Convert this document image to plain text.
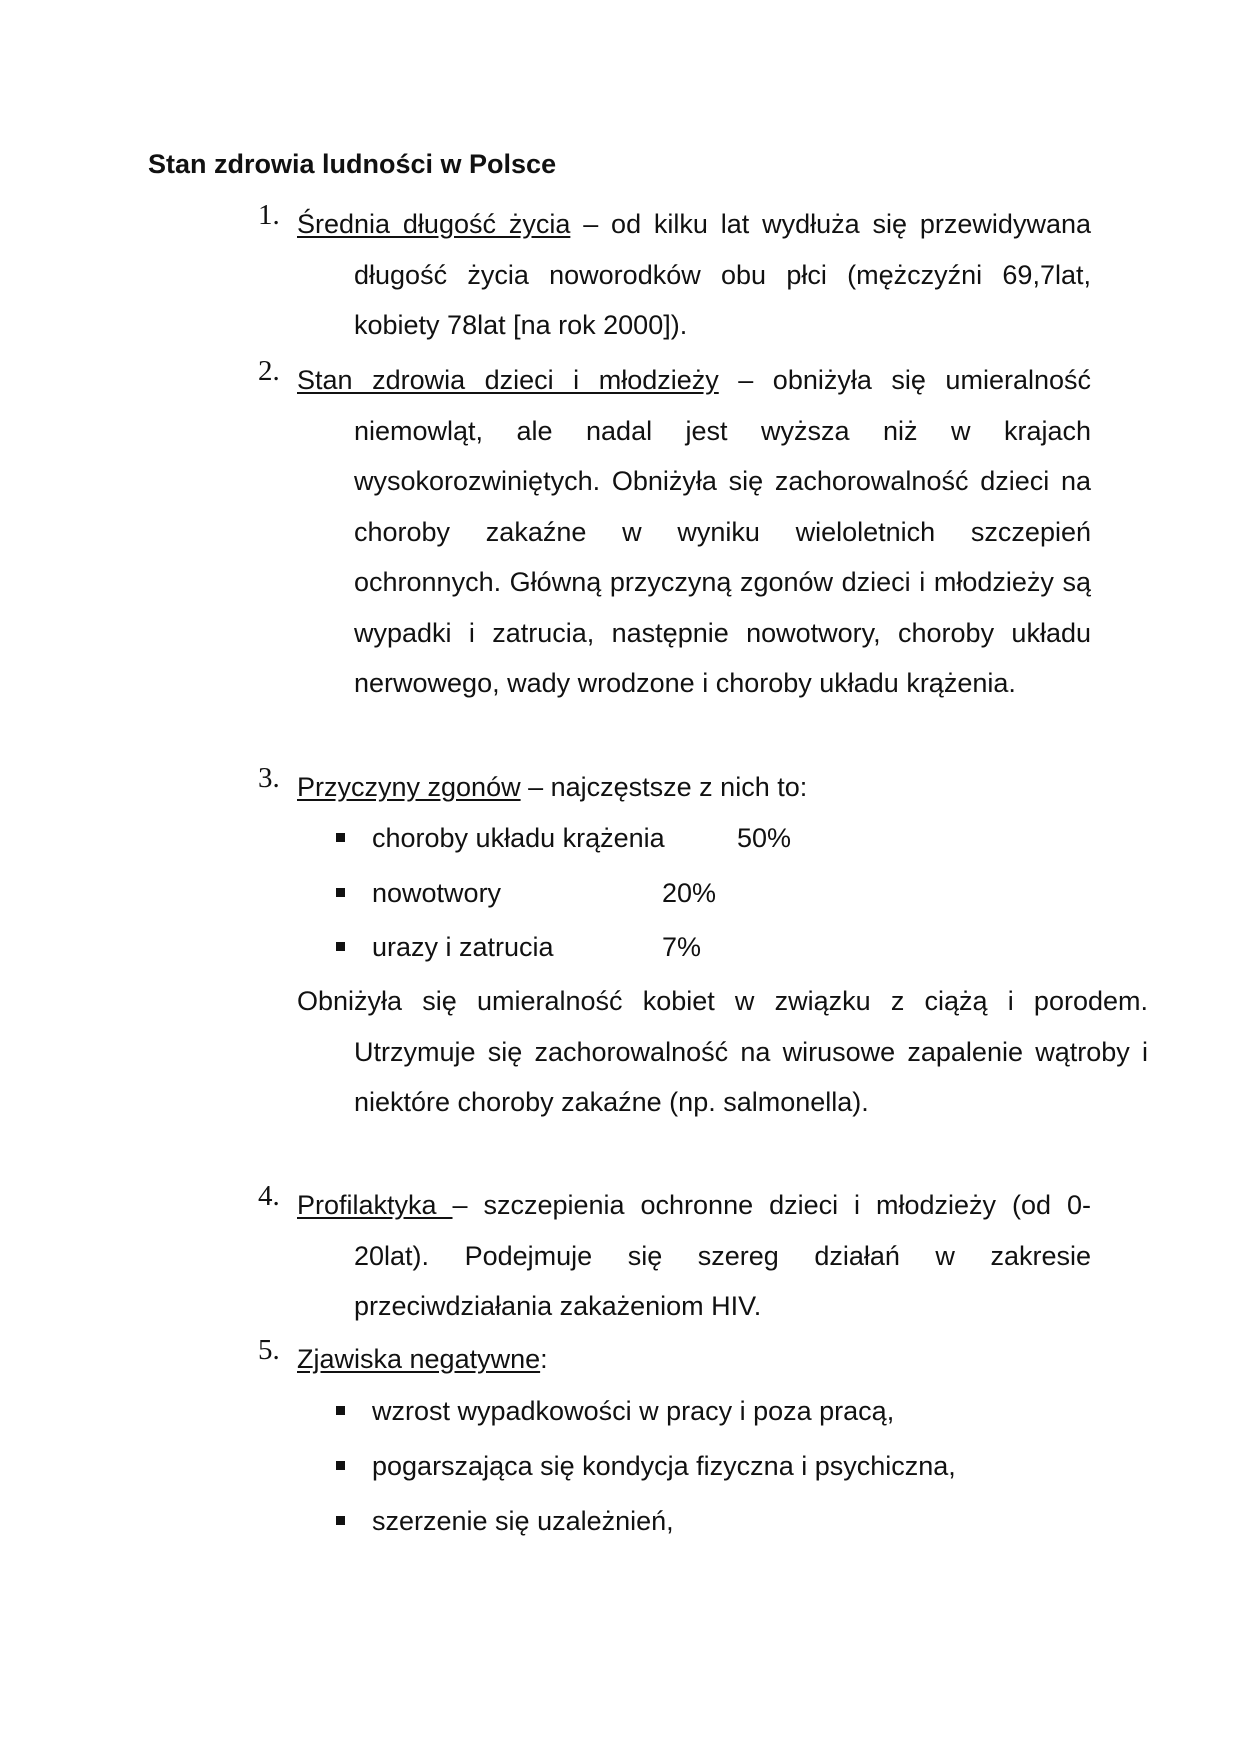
Stan zdrowia ludności w Polsce
1. Średnia długość życia – od kilku lat wydłuża się przewidywana długość życia noworodków obu płci (mężczyźni 69,7lat, kobiety 78lat [na rok 2000]).

2. Stan zdrowia dzieci i młodzieży – obniżyła się umieralność niemowląt, ale nadal jest wyższa niż w krajach wysokorozwiniętych. Obniżyła się zachorowalność dzieci na choroby zakaźne w wyniku wieloletnich szczepień ochronnych. Główną przyczyną zgonów dzieci i młodzieży są wypadki i zatrucia, następnie nowotwory, choroby układu nerwowego, wady wrodzone i choroby układu krążenia.

3. Przyczyny zgonów – najczęstsze z nich to:

choroby układu krążenia	50%
nowotwory	20%
urazy i zatrucia	7%

Obniżyła się umieralność kobiet w związku z ciążą i porodem. Utrzymuje się zachorowalność na wirusowe zapalenie wątroby i niektóre choroby zakaźne (np. salmonella).

4. Profilaktyka – szczepienia ochronne dzieci i młodzieży (od 0-20lat). Podejmuje się szereg działań w zakresie przeciwdziałania zakażeniom HIV.

5. Zjawiska negatywne:

wzrost wypadkowości w pracy i poza pracą,
pogarszająca się kondycja fizyczna i psychiczna,
szerzenie się uzależnień,
